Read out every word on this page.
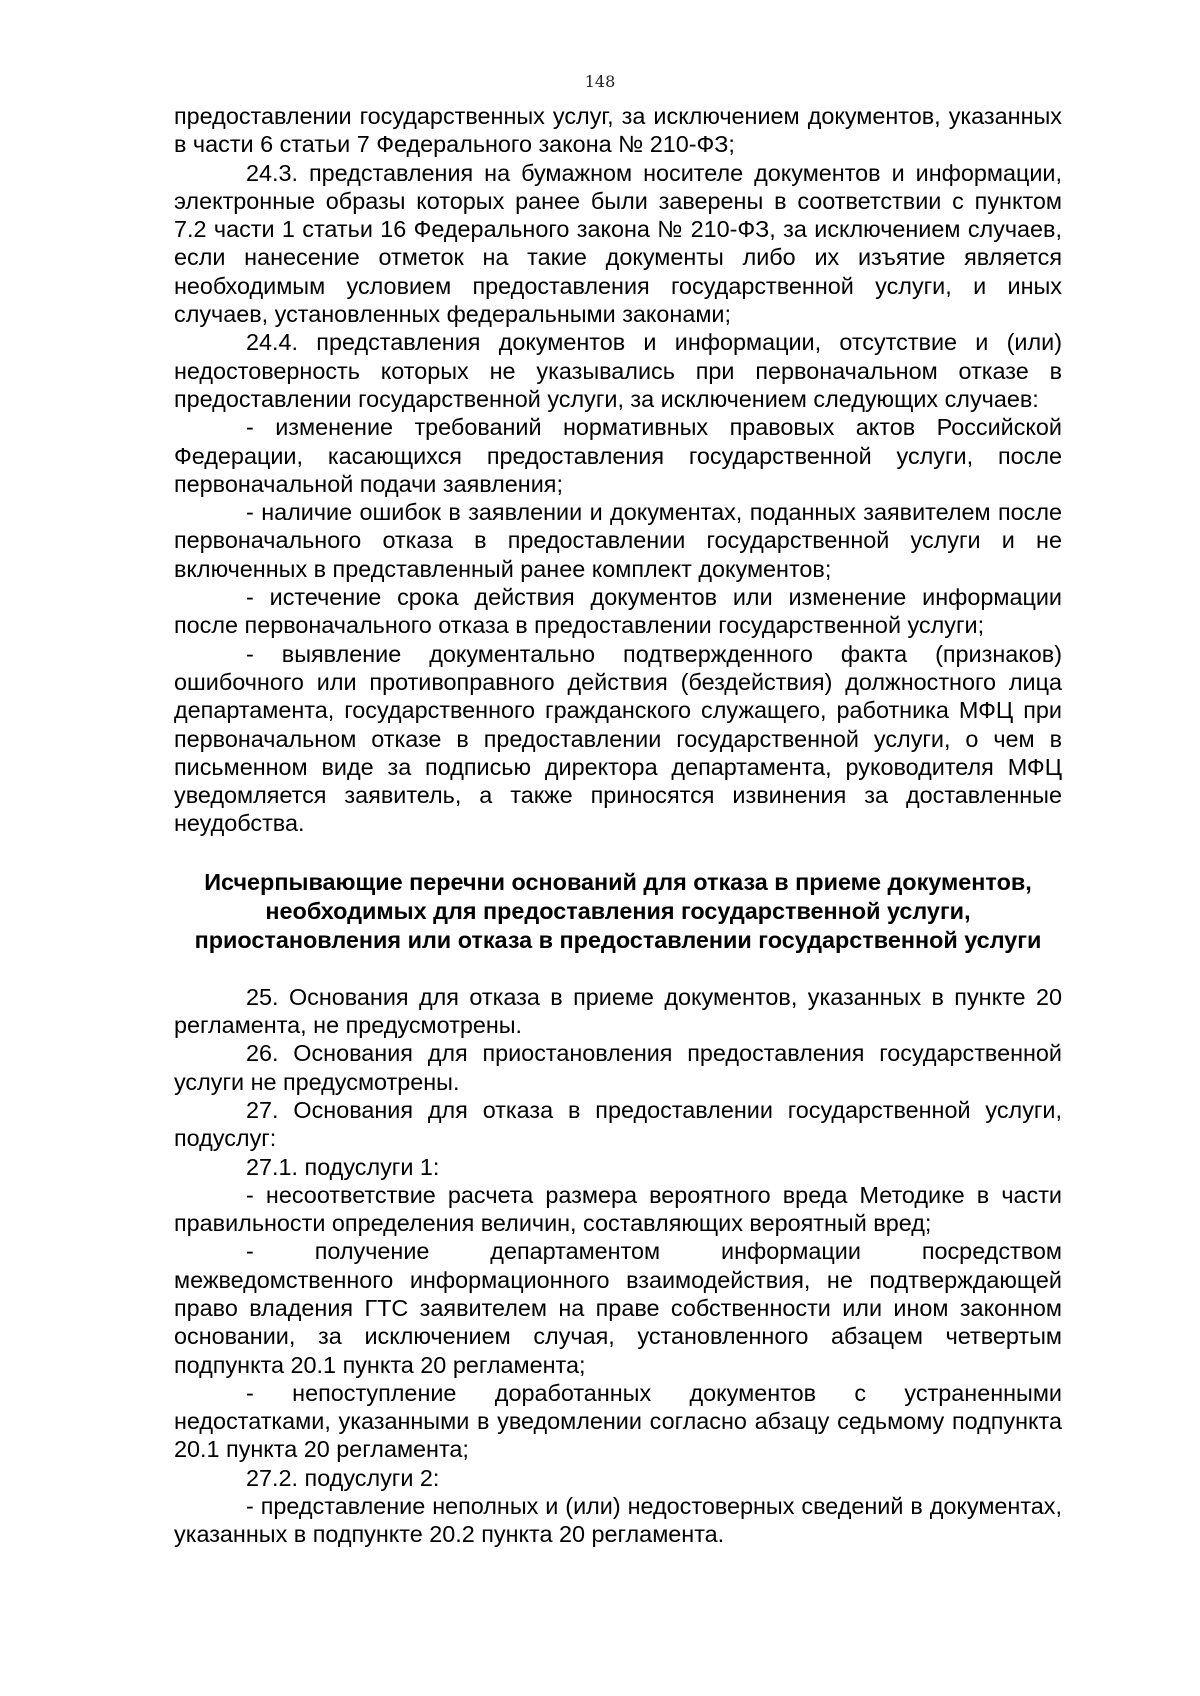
148

предоставлении государственных услуг, за исключением документов, указанных в части 6 статьи 7 Федерального закона № 210-ФЗ;

24.3. представления на бумажном носителе документов и информации, электронные образы которых ранее были заверены в соответствии с пунктом 7.2 части 1 статьи 16 Федерального закона № 210-ФЗ, за исключением случаев, если нанесение отметок на такие документы либо их изъятие является необходимым условием предоставления государственной услуги, и иных случаев, установленных федеральными законами;

24.4. представления документов и информации, отсутствие и (или) недостоверность которых не указывались при первоначальном отказе в предоставлении государственной услуги, за исключением следующих случаев:

- изменение требований нормативных правовых актов Российской Федерации, касающихся предоставления государственной услуги, после первоначальной подачи заявления;

- наличие ошибок в заявлении и документах, поданных заявителем после первоначального отказа в предоставлении государственной услуги и не включенных в представленный ранее комплект документов;

- истечение срока действия документов или изменение информации после первоначального отказа в предоставлении государственной услуги;

- выявление документально подтвержденного факта (признаков) ошибочного или противоправного действия (бездействия) должностного лица департамента, государственного гражданского служащего, работника МФЦ при первоначальном отказе в предоставлении государственной услуги, о чем в письменном виде за подписью директора департамента, руководителя МФЦ уведомляется заявитель, а также приносятся извинения за доставленные неудобства.

Исчерпывающие перечни оснований для отказа в приеме документов, необходимых для предоставления государственной услуги, приостановления или отказа в предоставлении государственной услуги

25. Основания для отказа в приеме документов, указанных в пункте 20 регламента, не предусмотрены.

26. Основания для приостановления предоставления государственной услуги не предусмотрены.

27. Основания для отказа в предоставлении государственной услуги, подуслуг:

27.1. подуслуги 1:

- несоответствие расчета размера вероятного вреда Методике в части правильности определения величин, составляющих вероятный вред;

- получение департаментом информации посредством межведомственного информационного взаимодействия, не подтверждающей право владения ГТС заявителем на праве собственности или ином законном основании, за исключением случая, установленного абзацем четвертым подпункта 20.1 пункта 20 регламента;

- непоступление доработанных документов с устраненными недостатками, указанными в уведомлении согласно абзацу седьмому подпункта 20.1 пункта 20 регламента;

27.2. подуслуги 2:

- представление неполных и (или) недостоверных сведений в документах, указанных в подпункте 20.2 пункта 20 регламента.
